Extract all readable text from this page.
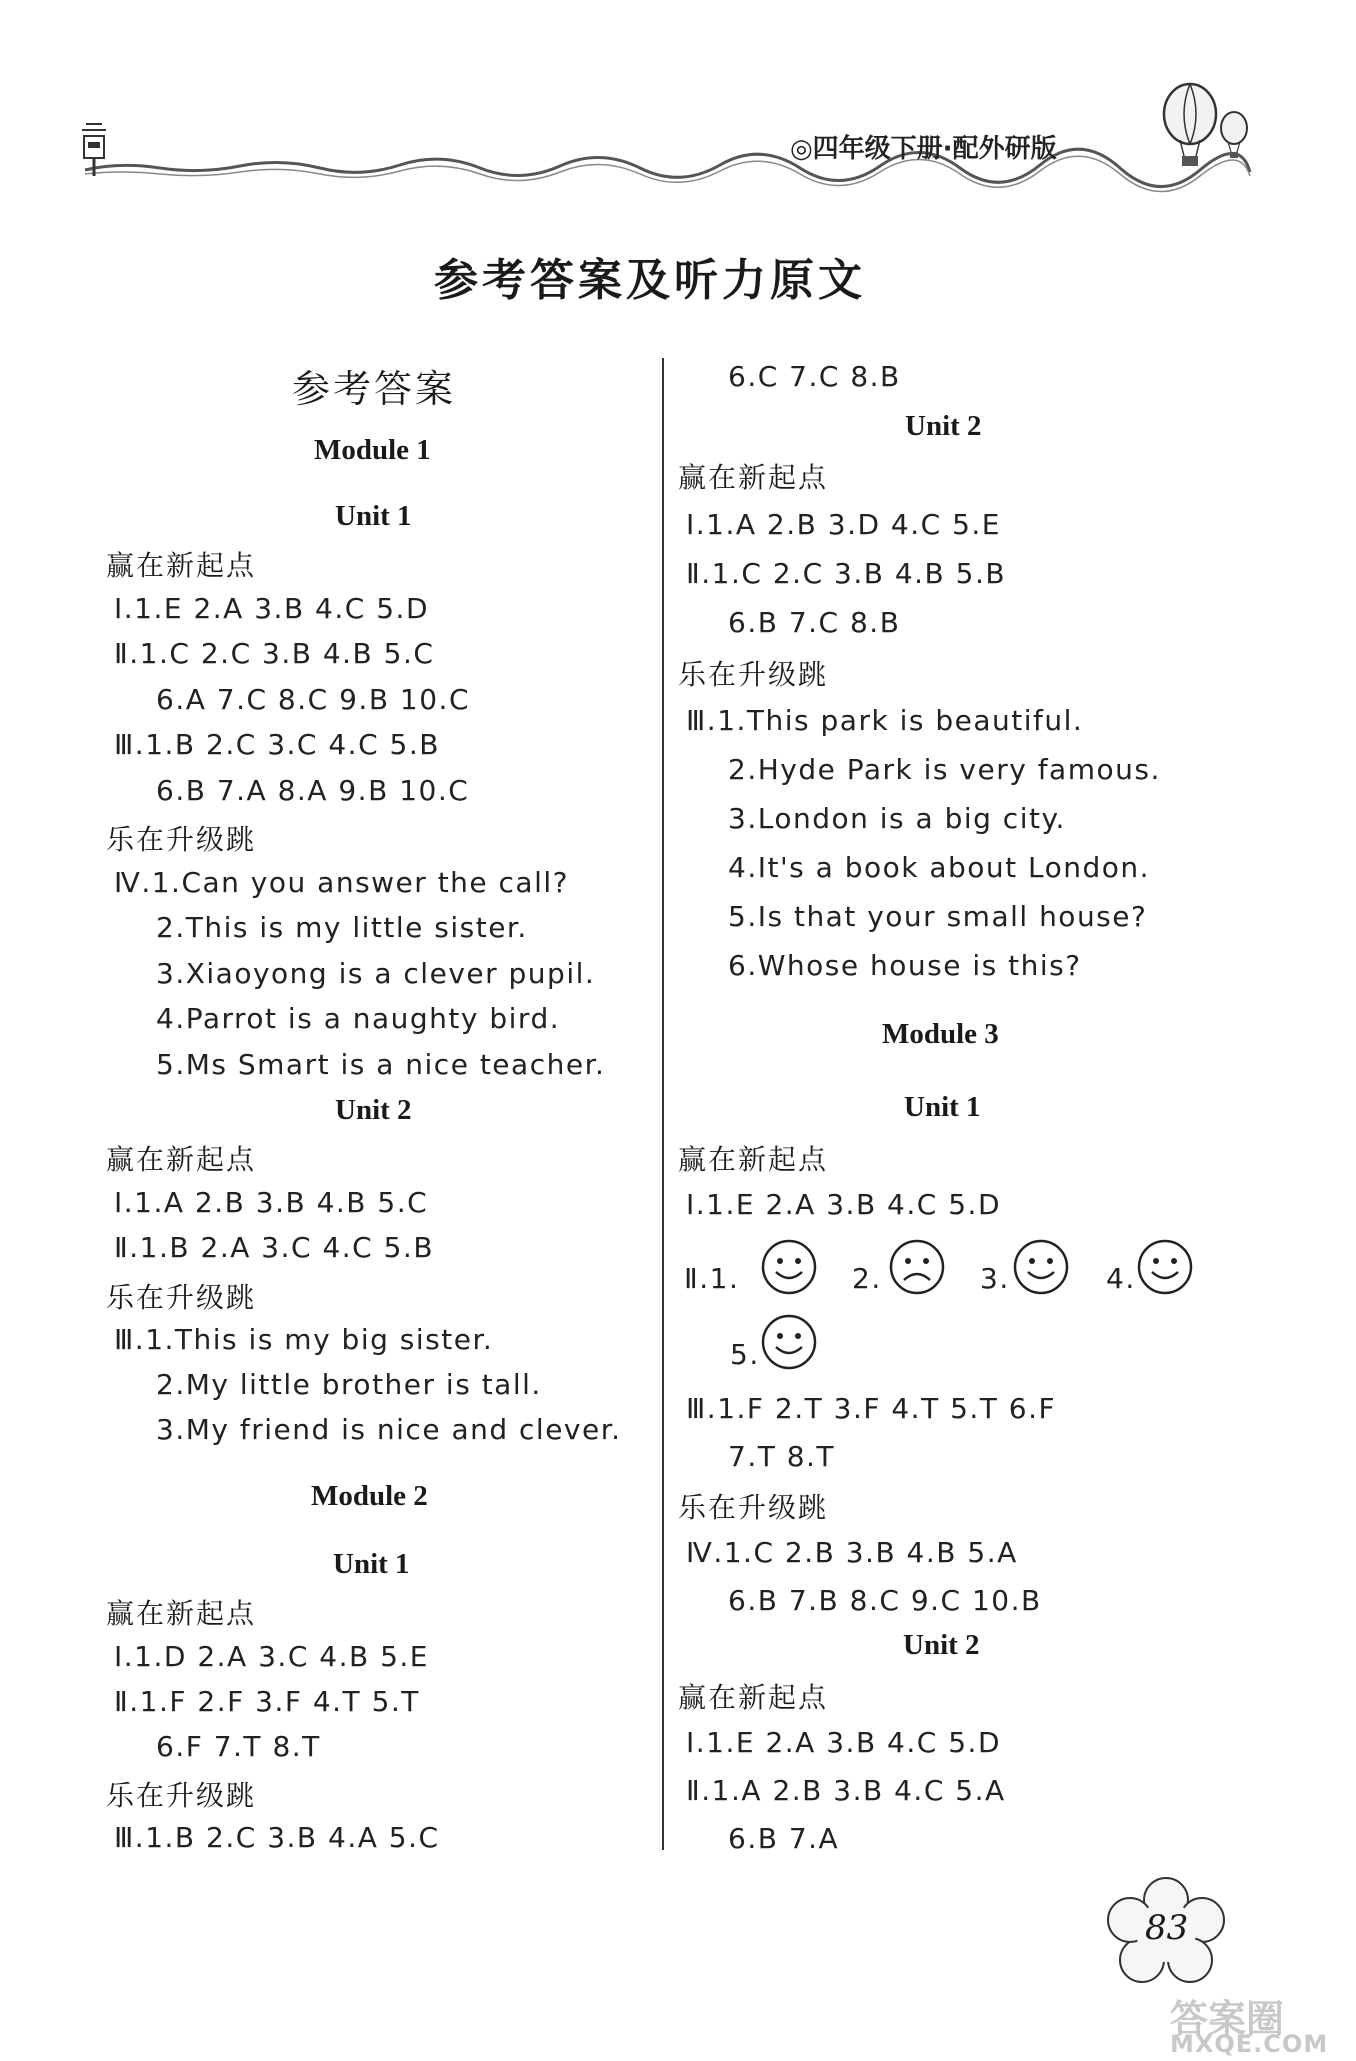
◎四年级下册·配外研版
参考答案及听力原文
参考答案
Module 1
Unit 1
赢在新起点
Ⅰ.1.E 2.A 3.B 4.C 5.D
Ⅱ.1.C 2.C 3.B 4.B 5.C
6.A 7.C 8.C 9.B 10.C
Ⅲ.1.B 2.C 3.C 4.C 5.B
6.B 7.A 8.A 9.B 10.C
乐在升级跳
Ⅳ.1.Can you answer the call?
2.This is my little sister.
3.Xiaoyong is a clever pupil.
4.Parrot is a naughty bird.
5.Ms Smart is a nice teacher.
Unit 2
赢在新起点
Ⅰ.1.A 2.B 3.B 4.B 5.C
Ⅱ.1.B 2.A 3.C 4.C 5.B
乐在升级跳
Ⅲ.1.This is my big sister.
2.My little brother is tall.
3.My friend is nice and clever.
Module 2
Unit 1
赢在新起点
Ⅰ.1.D 2.A 3.C 4.B 5.E
Ⅱ.1.F 2.F 3.F 4.T 5.T
6.F 7.T 8.T
乐在升级跳
Ⅲ.1.B 2.C 3.B 4.A 5.C
6.C 7.C 8.B
Unit 2
赢在新起点
Ⅰ.1.A 2.B 3.D 4.C 5.E
Ⅱ.1.C 2.C 3.B 4.B 5.B
6.B 7.C 8.B
乐在升级跳
Ⅲ.1.This park is beautiful.
2.Hyde Park is very famous.
3.London is a big city.
4.It's a book about London.
5.Is that your small house?
6.Whose house is this?
Module 3
Unit 1
赢在新起点
Ⅰ.1.E 2.A 3.B 4.C 5.D
Ⅱ.1.	2.	3.	4.
5.
Ⅲ.1.F 2.T 3.F 4.T 5.T 6.F
7.T 8.T
乐在升级跳
Ⅳ.1.C 2.B 3.B 4.B 5.A
6.B 7.B 8.C 9.C 10.B
Unit 2
赢在新起点
Ⅰ.1.E 2.A 3.B 4.C 5.D
Ⅱ.1.A 2.B 3.B 4.C 5.A
6.B 7.A
83
答案圈
MXQE.COM
